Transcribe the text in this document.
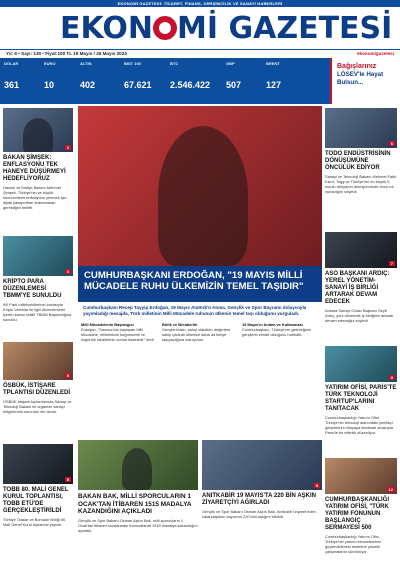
EKONOMİ GAZETESİ: TİCARET, FİNANS, GİRİŞİMCİLİK VE SANAYİ HABERLERİ
EKON Mİ GAZETESİ
Yıl: 6 • Sayı: 130 • Fiyat:100 TL 19 Mayıs / 26 Mayıs 2024	ekonomigazetesi
DOLAR
361
EURO
10
ALTIN
402
BIST 100
67.621
BTC
2.546.422
GBP
507
BRENT
127
Bağışlarınız
LÖSEV'le Hayat Bulsun...
2
BAKAN ŞİMŞEK: ENFLASYONU TEK HANEYE DÜŞÜRMEYİ HEDEFLİYORUZ
Hazine ve Maliye Bakanı Mehmet Şimşek, Türkiye'nin ve büyük ekonomilerin enflasyonu yenmek için dijital pasaportları kullanmaları gerektiğini belirtti.
3
KRİPTO PARA DÜZENLEMESİ TBMM'YE SUNULDU
AK Parti milletvekillerinin imzasıyla Kripto Varlıklar ile ilgili düzenlemeler içeren kanun teklifi TBMM Başkanlığına sunuldu.
5
ÖSBÜK, İSTİŞARE TPLANTISI DÜZENLEDİ
OSBÜK istişare toplantısında Sanayi ve Teknoloji Bakanı ile organize sanayi bölgelerinin sorunları ele alındı.
5
TOBB 80. MALİ GENEL KURUL TOPLANTISI, TOBB ETÜ'DE GERÇEKLEŞTİRİLDİ
Türkiye Odalar ve Borsalar Birliği 80. Mali Genel Kurul toplantısı yapıldı.
CUMHURBAŞKANI ERDOĞAN, "19 MAYIS MİLLİ MÜCADELE RUHU ÜLKEMİZİN TEMEL TAŞIDIR"
Cumhurbaşkanı Recep Tayyip Erdoğan, 19 Mayıs Atatürk'ü Anma, Gençlik ve Spor Bayramı dolayısıyla yayımladığı mesajda, Türk milletinin Milli Mücadele ruhunun ülkenin temel taşı olduğunu vurguladı.
Milli Mücadelenin Başlangıcı
Erdoğan, "Samsun'da başlayan Milli Mücadele, milletimizin bağımsızlık ve özgürlük ideallerinin somut ifadesidir" dedi.
Birlik ve Beraberlik
Gençlerimizin, sahip oldukları değerlere sahip çıkarak ülkemizi daha da ileriye taşıyacağına inanıyoruz.
19 Mayıs'ın Anlam ve Kutlanması
Cumhurbaşkanı, Türkiye'nin geleceğinin gençlerin elinde olduğunu hatırlattı.
BAKAN BAK, MİLLİ SPORCULARIN 1 OCAK'TAN İTİBAREN 1515 MADALYA KAZANDIĞINI AÇIKLADI
Gençlik ve Spor Bakanı Osman Aşkın Bak, milli sporcuların 1 Ocak'tan itibaren uluslararası turnuvalarda 1515 madalya kazandığını açıkladı.
9
ANITKABİR 19 MAYIS'TA 220 BİN AŞKIN ZİYARETÇİYİ AĞIRLADI
Gençlik ve Spor Bakanı Osman Aşkın Bak, Anıtkabir'i ziyaret eden vatandaşların sayısının 220 bini aştığını bildirdi.
6
TODO ENDÜSTRİSİNİN DÖNÜŞÜMÜNE ÖNCÜLÜK EDİYOR
Sanayi ve Teknoloji Bakanı Mehmet Fatih Kacır, Togg ve Türkiye'nin en büyük 5 kurulu dünyanın dönüşümünde öncü rol oynadığını söyledi.
7
ASO BAŞKANI ARDIÇ: YEREL YÖNETİM-SANAYİ İŞ BİRLİĞİ ARTARAK DEVAM EDECEK
Ankara Sanayi Odası Başkanı Seyit Ardıç, yeni dönemde iş birliğinin artarak devam edeceğini söyledi.
8
YATIRIM OFİSİ, PARİS'TE TÜRK TEKNOLOJİ STARTUP'LARINI TANITACAK
Cumhurbaşkanlığı Yatırım Ofisi, Türkiye'nin teknoloji alanındaki yenilikçi girişimlerini dünyaya tanıtmak amacıyla Paris'te bir etkinlik düzenliyor.
12
CUMHURBAŞKANLIĞI YATIRIM OFİSİ, "TÜRK YATIRIM FONUNUN BAŞLANGIÇ SERMAYESİ 500
Cumhurbaşkanlığı Yatırım Ofisi, Türkiye'nin yatırım ekosisteminin güçlendirilmesi hedefine yönelik çalışmalarını sürdürüyor.
